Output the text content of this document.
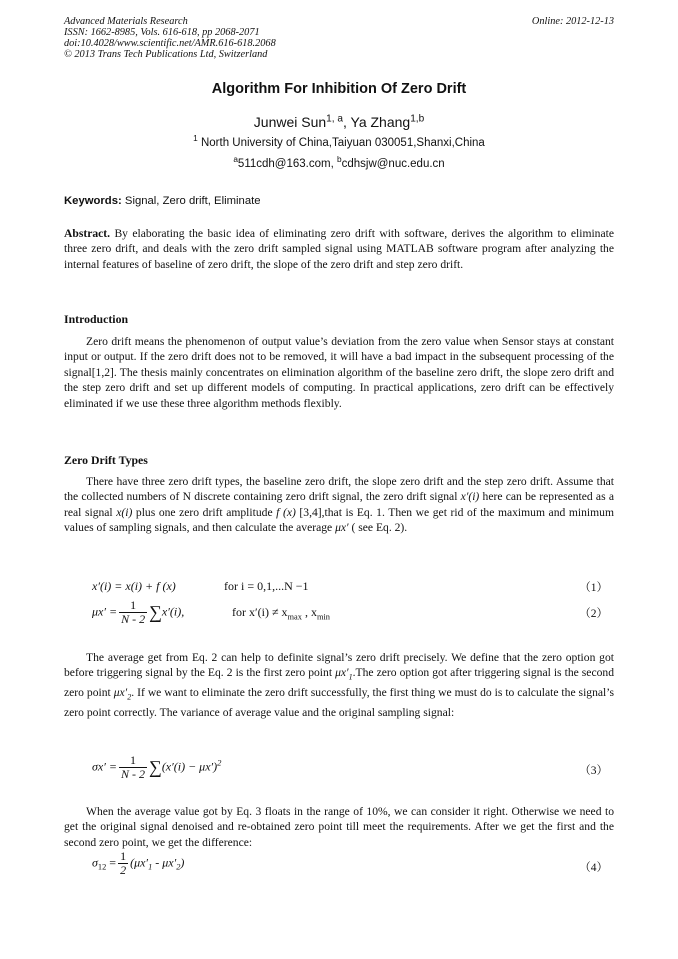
Advanced Materials Research
ISSN: 1662-8985, Vols. 616-618, pp 2068-2071
doi:10.4028/www.scientific.net/AMR.616-618.2068
© 2013 Trans Tech Publications Ltd, Switzerland
Online: 2012-12-13
Algorithm For Inhibition Of Zero Drift
Junwei Sun$^{1, a}$, Ya Zhang$^{1,b}$
$^1$ North University of China,Taiyuan 030051,Shanxi,China
$^a$511cdh@163.com, $^b$cdhsjw@nuc.edu.cn
Keywords: Signal, Zero drift, Eliminate

Abstract. By elaborating the basic idea of eliminating zero drift with software, derives the algorithm to eliminate three zero drift, and deals with the zero drift sampled signal using MATLAB software program after analyzing the internal features of baseline of zero drift, the slope of the zero drift and step zero drift.

Introduction

Zero drift means the phenomenon of output value’s deviation from the zero value when Sensor stays at constant input or output. If the zero drift does not to be removed, it will have a bad impact in the subsequent processing of the signal[1,2]. The thesis mainly concentrates on elimination algorithm of the baseline zero drift, the slope zero drift and the step zero drift and set up different models of computing. In practical applications, zero drift can be effectively eliminated if we use these three algorithm methods flexibly.

Zero Drift Types

There have three zero drift types, the baseline zero drift, the slope zero drift and the step zero drift. Assume that the collected numbers of N discrete containing zero drift signal, the zero drift signal x′(i) here can be represented as a real signal x(i) plus one zero drift amplitude f (x) [3,4],that is Eq. 1. Then we get rid of the maximum and minimum values of sampling signals, and then calculate the average μx′ ( see Eq. 2).

x′(i) = x(i) + f (x)	for i = 0,1,...N −1	（1）
$\mu x' = \frac{1}{N - 2} \sum x'(i)$,	for $x'(i) \ne x_{max}$ , $x_{min}$	（2）

The average get from Eq. 2 can help to definite signal’s zero drift precisely. We define that the zero option got before triggering signal by the Eq. 2 is the first zero point $\mu x'_1.The$ zero option got after triggering signal is the second zero point $\mu x'_2$. If we want to eliminate the zero drift successfully, the first thing we must do is to calculate the signal’s zero point correctly. The variance of average value and the original sampling signal:

$\sigma x' = \frac{1}{N - 2} \sum(x'(i) - \mu x')^2$
（3）

When the average value got by Eq. 3 floats in the range of 10%, we can consider it right. Otherwise we need to get the original signal denoised and re-obtained zero point till meet the requirements. After we get the first and the second zero point, we get the difference:

$\sigma_{12} = \frac{1}{2} (\mu x'_1 - \mu x'_2)$	（4）
